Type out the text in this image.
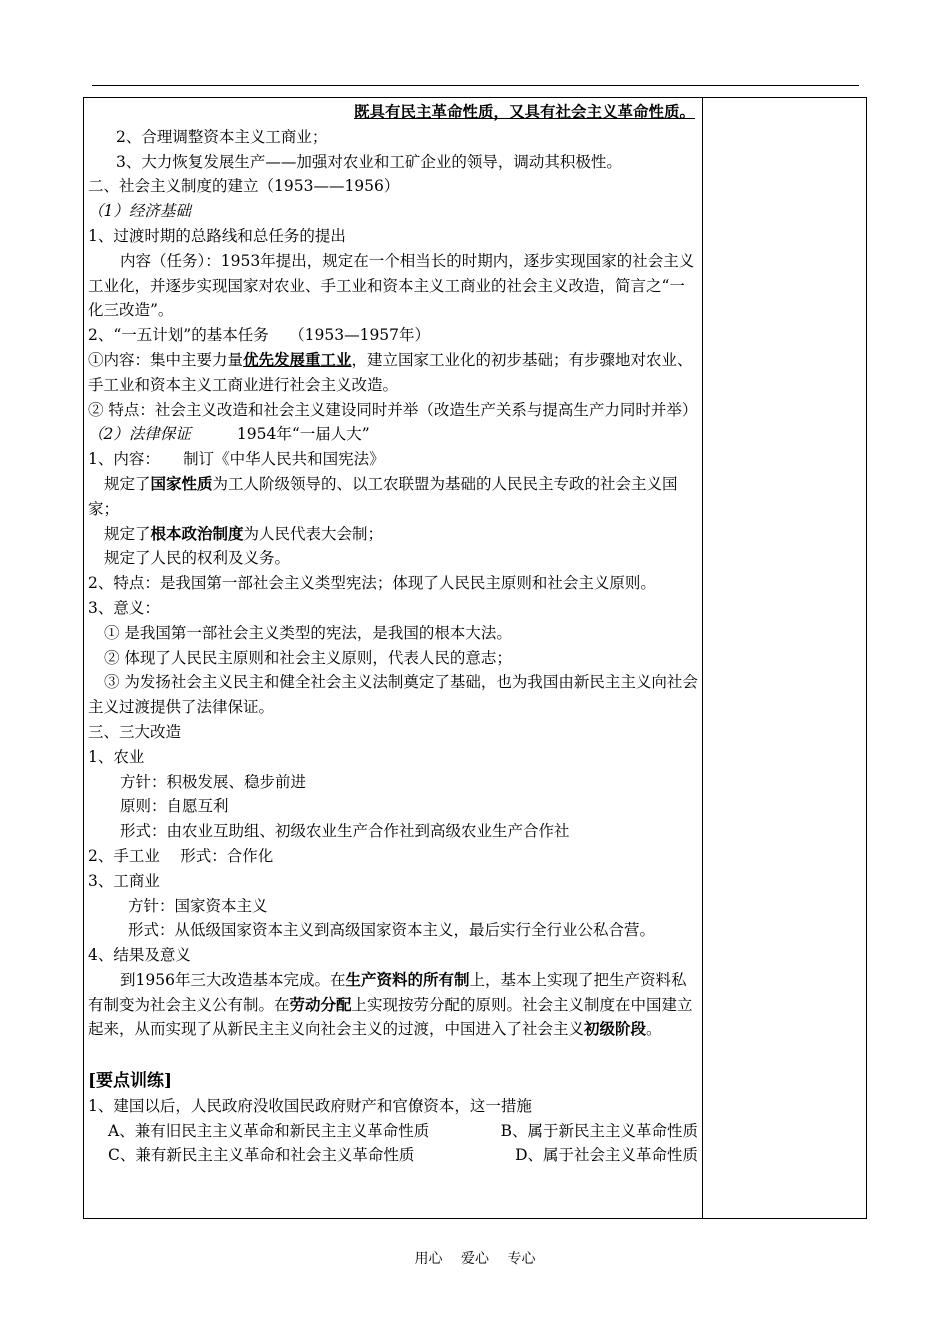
既具有民主革命性质，又具有社会主义革命性质。
2、合理调整资本主义工商业；
3、大力恢复发展生产——加强对农业和工矿企业的领导，调动其积极性。
二、社会主义制度的建立（1953——1956）
（1）经济基础
1、过渡时期的总路线和总任务的提出
内容（任务）：1953年提出，规定在一个相当长的时期内，逐步实现国家的社会主义工业化，并逐步实现国家对农业、手工业和资本主义工商业的社会主义改造，简言之“一化三改造”。
2、“一五计划”的基本任务　 （1953—1957年）
①内容：集中主要力量优先发展重工业，建立国家工业化的初步基础；有步骤地对农业、手工业和资本主义工商业进行社会主义改造。
② 特点：社会主义改造和社会主义建设同时并举（改造生产关系与提高生产力同时并举）
（2）法律保证	1954年“一届人大”
1、内容：　　制订《中华人民共和国宪法》
规定了国家性质为工人阶级领导的、以工农联盟为基础的人民民主专政的社会主义国家；
规定了根本政治制度为人民代表大会制；
规定了人民的权利及义务。
2、特点：是我国第一部社会主义类型宪法；体现了人民民主原则和社会主义原则。
3、意义：
① 是我国第一部社会主义类型的宪法，是我国的根本大法。
② 体现了人民民主原则和社会主义原则，代表人民的意志；
③ 为发扬社会主义民主和健全社会主义法制奠定了基础，也为我国由新民主主义向社会主义过渡提供了法律保证。
三、三大改造
1、农业
方针：积极发展、稳步前进
原则：自愿互利
形式：由农业互助组、初级农业生产合作社到高级农业生产合作社
2、手工业　 形式：合作化
3、工商业
方针：国家资本主义
形式：从低级国家资本主义到高级国家资本主义，最后实行全行业公私合营。
4、结果及意义
到1956年三大改造基本完成。在生产资料的所有制上，基本上实现了把生产资料私有制变为社会主义公有制。在劳动分配上实现按劳分配的原则。社会主义制度在中国建立起来，从而实现了从新民主主义向社会主义的过渡，中国进入了社会主义初级阶段。
[要点训练]
1、建国以后，人民政府没收国民政府财产和官僚资本，这一措施
A、兼有旧民主主义革命和新民主主义革命性质	B、属于新民主主义革命性质
C、兼有新民主主义革命和社会主义革命性质	D、属于社会主义革命性质
用心 爱心 专心
